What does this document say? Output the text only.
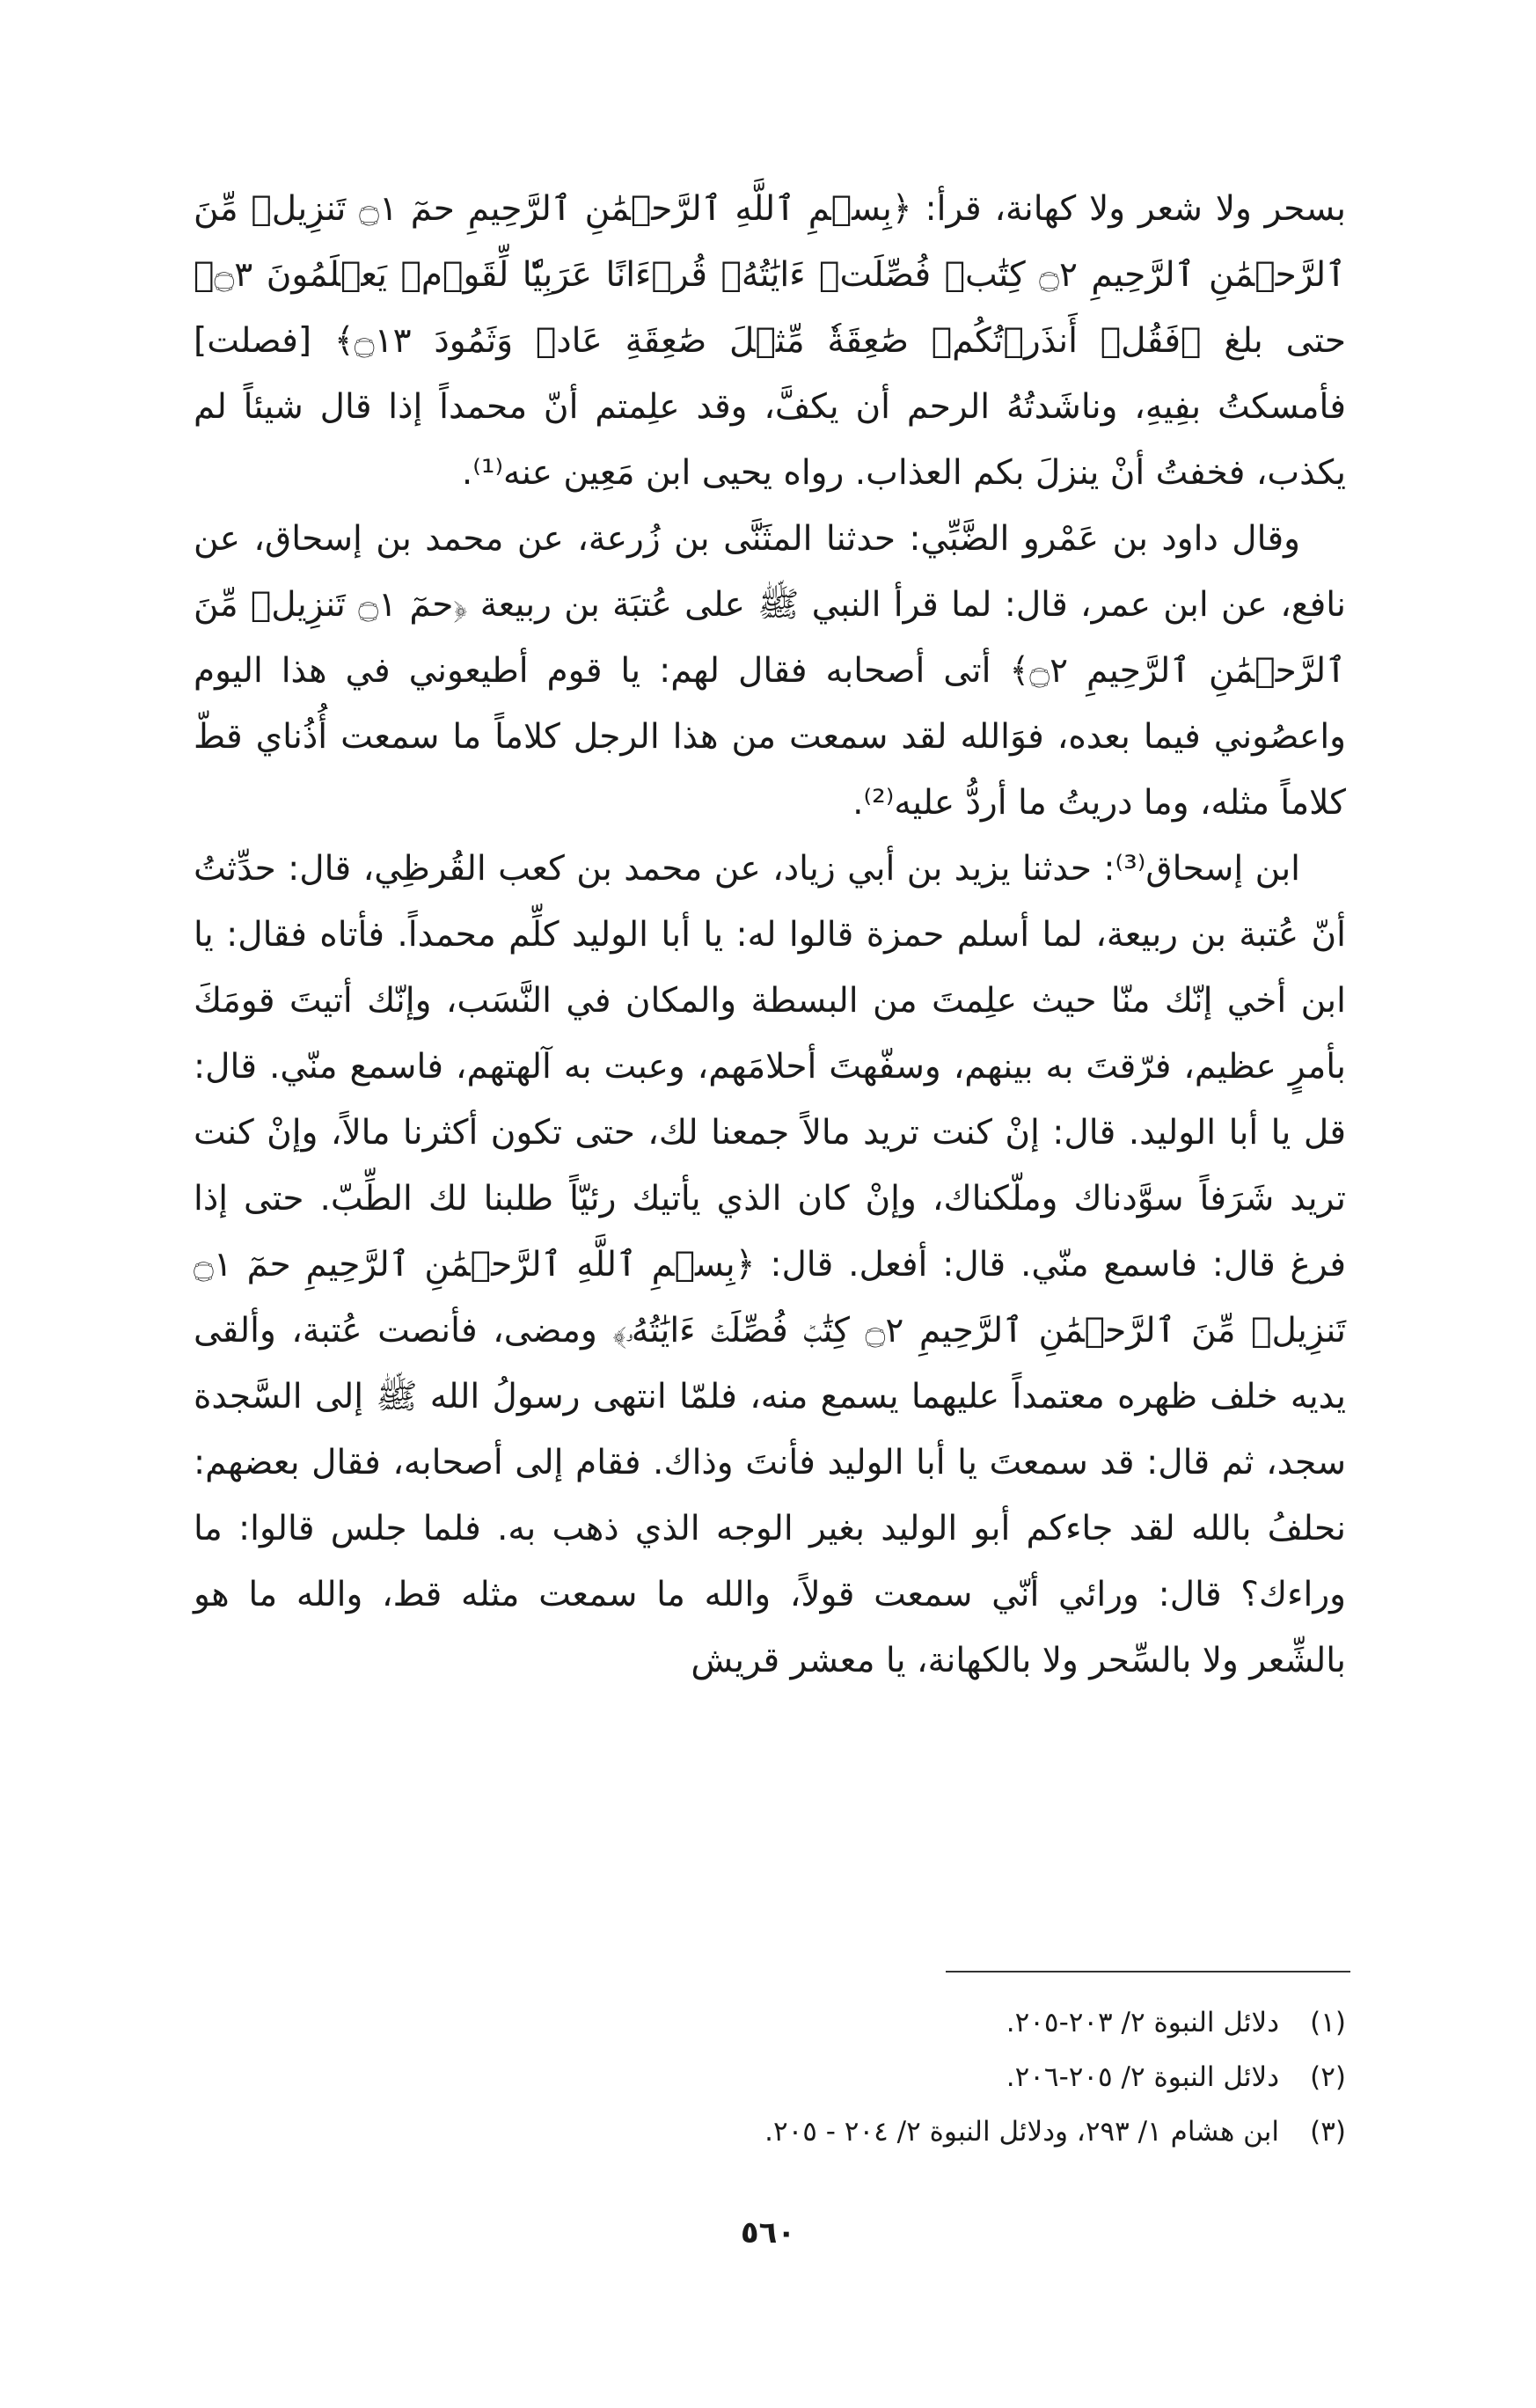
بسحر ولا شعر ولا كهانة، قرأ: ﴿بِسۡمِ ٱللَّهِ ٱلرَّحۡمَٰنِ ٱلرَّحِيمِ حمٓ ۝١ تَنزِيلٞ مِّنَ ٱلرَّحۡمَٰنِ ٱلرَّحِيمِ ۝٢ كِتَٰبٞ فُصِّلَتۡ ءَايَٰتُهُۥ قُرۡءَانًا عَرَبِيّٗا لِّقَوۡمٖ يَعۡلَمُونَ ۝٣﴾ حتى بلغ ﴿فَقُلۡ أَنذَرۡتُكُمۡ صَٰعِقَةٗ مِّثۡلَ صَٰعِقَةِ عَادٖ وَثَمُودَ ۝١٣﴾ [فصلت] فأمسكتُ بفِيهِ، وناشَدتُهُ الرحم أن يكفَّ، وقد علِمتم أنّ محمداً إذا قال شيئاً لم يكذب، فخفتُ أنْ ينزلَ بكم العذاب. رواه يحيى ابن مَعِين عنه⁽¹⁾.

وقال داود بن عَمْرو الضَّبِّي: حدثنا المثَنَّى بن زُرعة، عن محمد بن إسحاق، عن نافع، عن ابن عمر، قال: لما قرأ النبي ﷺ على عُتبَة بن ربيعة ﴿حمٓ ۝١ تَنزِيلٞ مِّنَ ٱلرَّحۡمَٰنِ ٱلرَّحِيمِ ۝٢﴾ أتى أصحابه فقال لهم: يا قوم أطيعوني في هذا اليوم واعصُوني فيما بعده، فوَالله لقد سمعت من هذا الرجل كلاماً ما سمعت أُذُناي قطّ كلاماً مثله، وما دريتُ ما أردُّ عليه⁽²⁾.

ابن إسحاق⁽³⁾: حدثنا يزيد بن أبي زياد، عن محمد بن كعب القُرظِي، قال: حدِّثتُ أنّ عُتبة بن ربيعة، لما أسلم حمزة قالوا له: يا أبا الوليد كلِّم محمداً. فأتاه فقال: يا ابن أخي إنّك منّا حيث علِمتَ من البسطة والمكان في النَّسَب، وإنّك أتيتَ قومَكَ بأمرٍ عظيم، فرّقتَ به بينهم، وسفّهتَ أحلامَهم، وعبت به آلهتهم، فاسمع منّي. قال: قل يا أبا الوليد. قال: إنْ كنت تريد مالاً جمعنا لك، حتى تكون أكثرنا مالاً، وإنْ كنت تريد شَرَفاً سوَّدناك وملّكناك، وإنْ كان الذي يأتيك رئيّاً طلبنا لك الطِّبّ. حتى إذا فرغ قال: فاسمع منّي. قال: أفعل. قال: ﴿بِسۡمِ ٱللَّهِ ٱلرَّحۡمَٰنِ ٱلرَّحِيمِ حمٓ ۝١ تَنزِيلٞ مِّنَ ٱلرَّحۡمَٰنِ ٱلرَّحِيمِ ۝٢ كِتَٰبٞ فُصِّلَتۡ ءَايَٰتُهُۥ﴾ ومضى، فأنصت عُتبة، وألقى يديه خلف ظهره معتمداً عليهما يسمع منه، فلمّا انتهى رسولُ الله ﷺ إلى السَّجدة سجد، ثم قال: قد سمعتَ يا أبا الوليد فأنتَ وذاك. فقام إلى أصحابه، فقال بعضهم: نحلفُ بالله لقد جاءكم أبو الوليد بغير الوجه الذي ذهب به. فلما جلس قالوا: ما وراءك؟ قال: ورائي أنّي سمعت قولاً، والله ما سمعت مثله قط، والله ما هو بالشِّعر ولا بالسِّحر ولا بالكهانة، يا معشر قريش

(١)
دلائل النبوة ٢/ ٢٠٣-٢٠٥.
(٢)
دلائل النبوة ٢/ ٢٠٥-٢٠٦.
(٣)
ابن هشام ١/ ٢٩٣، ودلائل النبوة ٢/ ٢٠٤ - ٢٠٥.
٥٦٠
